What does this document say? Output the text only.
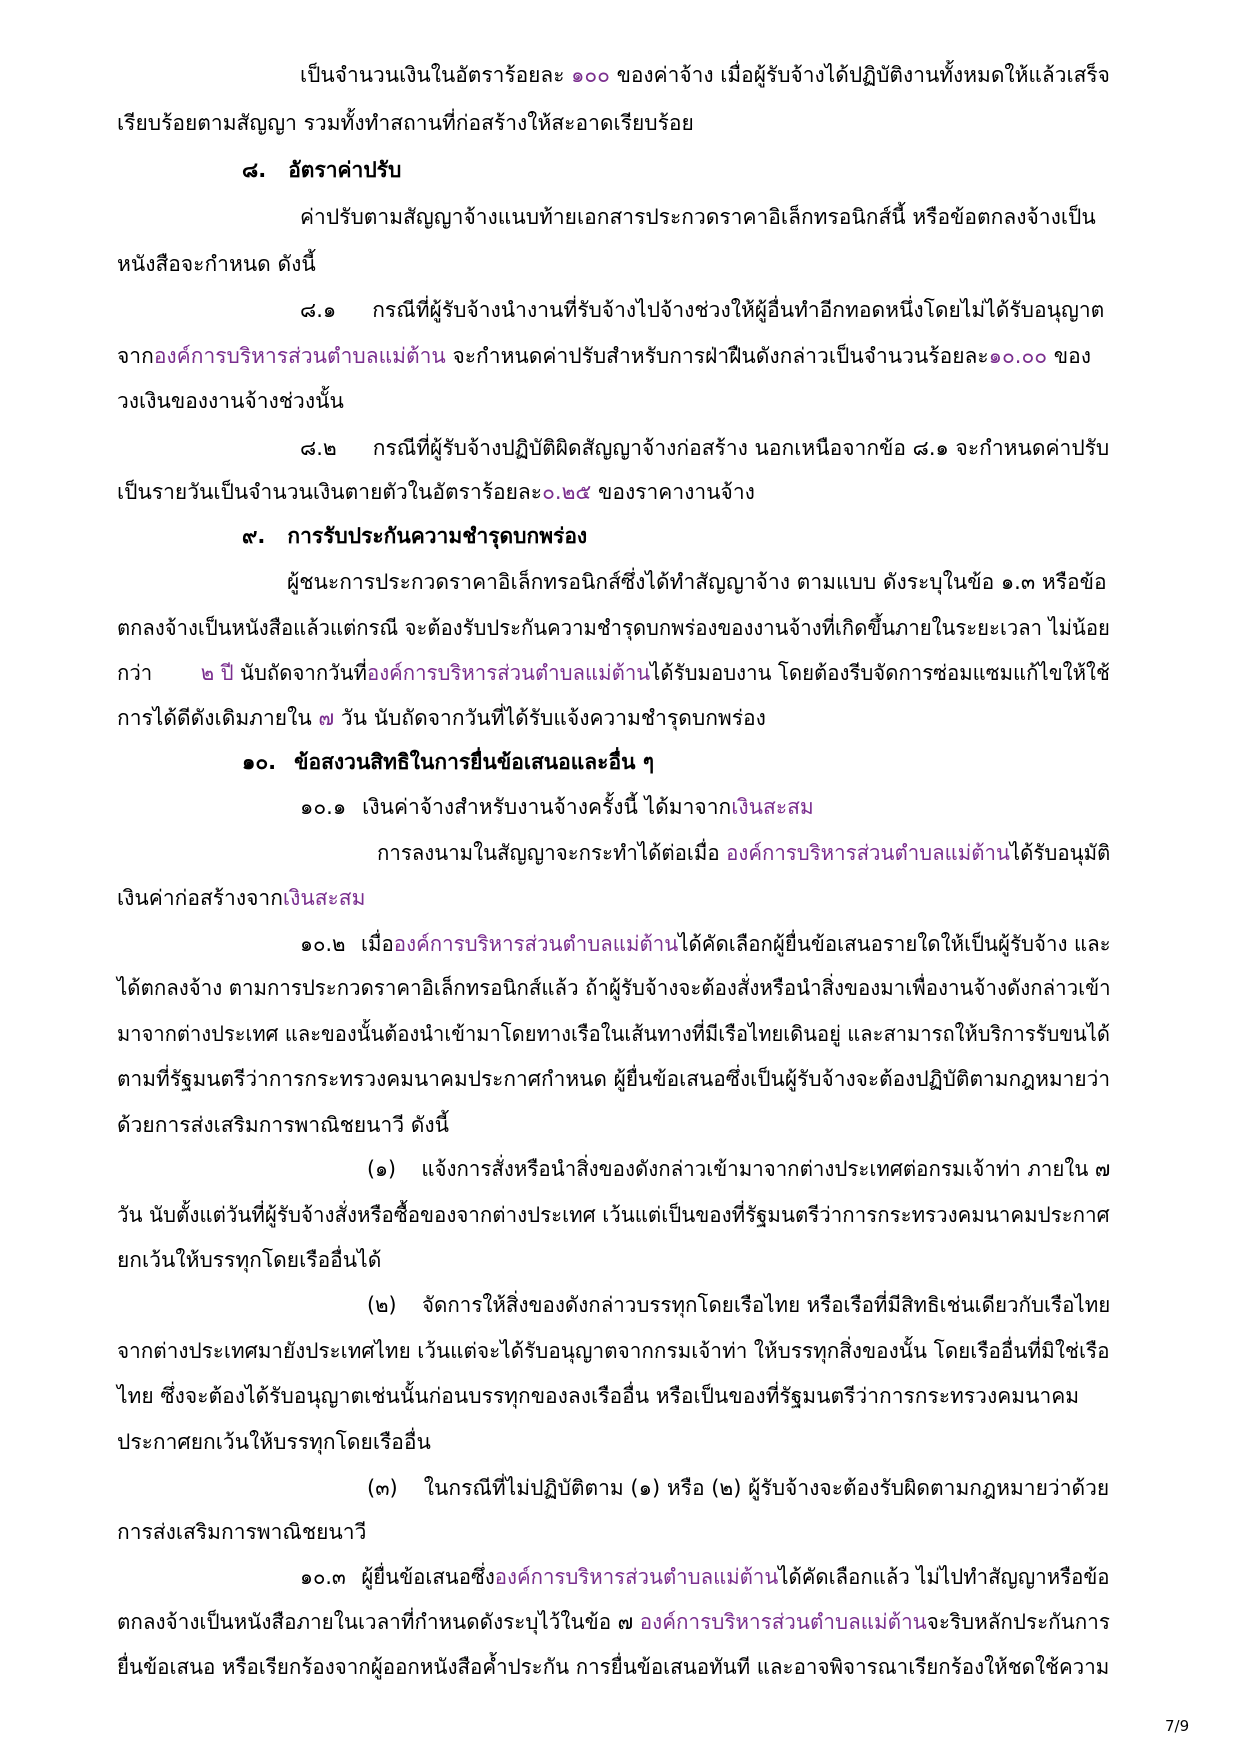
เป็นจำนวนเงินในอัตราร้อยละ ๑๐๐ ของค่าจ้าง เมื่อผู้รับจ้างได้ปฏิบัติงานทั้งหมดให้แล้วเสร็จ
เรียบร้อยตามสัญญา รวมทั้งทำสถานที่ก่อสร้างให้สะอาดเรียบร้อย
๘. อัตราค่าปรับ
ค่าปรับตามสัญญาจ้างแนบท้ายเอกสารประกวดราคาอิเล็กทรอนิกส์นี้ หรือข้อตกลงจ้างเป็น
หนังสือจะกำหนด ดังนี้
๘.๑ กรณีที่ผู้รับจ้างนำงานที่รับจ้างไปจ้างช่วงให้ผู้อื่นทำอีกทอดหนึ่งโดยไม่ได้รับอนุญาต
จากองค์การบริหารส่วนตำบลแม่ต้าน จะกำหนดค่าปรับสำหรับการฝ่าฝืนดังกล่าวเป็นจำนวนร้อยละ๑๐.๐๐ ของ
วงเงินของงานจ้างช่วงนั้น
๘.๒ กรณีที่ผู้รับจ้างปฏิบัติผิดสัญญาจ้างก่อสร้าง นอกเหนือจากข้อ ๘.๑ จะกำหนดค่าปรับ
เป็นรายวันเป็นจำนวนเงินตายตัวในอัตราร้อยละ๐.๒๕ ของราคางานจ้าง
๙. การรับประกันความชำรุดบกพร่อง
ผู้ชนะการประกวดราคาอิเล็กทรอนิกส์ซึ่งได้ทำสัญญาจ้าง ตามแบบ ดังระบุในข้อ ๑.๓ หรือข้อ
ตกลงจ้างเป็นหนังสือแล้วแต่กรณี จะต้องรับประกันความชำรุดบกพร่องของงานจ้างที่เกิดขึ้นภายในระยะเวลา ไม่น้อย
กว่า ๒ ปี นับถัดจากวันที่องค์การบริหารส่วนตำบลแม่ต้านได้รับมอบงาน โดยต้องรีบจัดการซ่อมแซมแก้ไขให้ใช้
การได้ดีดังเดิมภายใน ๗ วัน นับถัดจากวันที่ได้รับแจ้งความชำรุดบกพร่อง
๑๐. ข้อสงวนสิทธิในการยื่นข้อเสนอและอื่น ๆ
๑๐.๑ เงินค่าจ้างสำหรับงานจ้างครั้งนี้ ได้มาจากเงินสะสม
การลงนามในสัญญาจะกระทำได้ต่อเมื่อ องค์การบริหารส่วนตำบลแม่ต้านได้รับอนุมัติ
เงินค่าก่อสร้างจากเงินสะสม
๑๐.๒ เมื่อองค์การบริหารส่วนตำบลแม่ต้านได้คัดเลือกผู้ยื่นข้อเสนอรายใดให้เป็นผู้รับจ้าง และ
ได้ตกลงจ้าง ตามการประกวดราคาอิเล็กทรอนิกส์แล้ว ถ้าผู้รับจ้างจะต้องสั่งหรือนำสิ่งของมาเพื่องานจ้างดังกล่าวเข้า
มาจากต่างประเทศ และของนั้นต้องนำเข้ามาโดยทางเรือในเส้นทางที่มีเรือไทยเดินอยู่ และสามารถให้บริการรับขนได้
ตามที่รัฐมนตรีว่าการกระทรวงคมนาคมประกาศกำหนด ผู้ยื่นข้อเสนอซึ่งเป็นผู้รับจ้างจะต้องปฏิบัติตามกฎหมายว่า
ด้วยการส่งเสริมการพาณิชยนาวี ดังนี้
(๑) แจ้งการสั่งหรือนำสิ่งของดังกล่าวเข้ามาจากต่างประเทศต่อกรมเจ้าท่า ภายใน ๗
วัน นับตั้งแต่วันที่ผู้รับจ้างสั่งหรือซื้อของจากต่างประเทศ เว้นแต่เป็นของที่รัฐมนตรีว่าการกระทรวงคมนาคมประกาศ
ยกเว้นให้บรรทุกโดยเรืออื่นได้
(๒) จัดการให้สิ่งของดังกล่าวบรรทุกโดยเรือไทย หรือเรือที่มีสิทธิเช่นเดียวกับเรือไทย
จากต่างประเทศมายังประเทศไทย เว้นแต่จะได้รับอนุญาตจากกรมเจ้าท่า ให้บรรทุกสิ่งของนั้น โดยเรืออื่นที่มิใช่เรือ
ไทย ซึ่งจะต้องได้รับอนุญาตเช่นนั้นก่อนบรรทุกของลงเรืออื่น หรือเป็นของที่รัฐมนตรีว่าการกระทรวงคมนาคม
ประกาศยกเว้นให้บรรทุกโดยเรืออื่น
(๓) ในกรณีที่ไม่ปฏิบัติตาม (๑) หรือ (๒) ผู้รับจ้างจะต้องรับผิดตามกฎหมายว่าด้วย
การส่งเสริมการพาณิชยนาวี
๑๐.๓ ผู้ยื่นข้อเสนอซึ่งองค์การบริหารส่วนตำบลแม่ต้านได้คัดเลือกแล้ว ไม่ไปทำสัญญาหรือข้อ
ตกลงจ้างเป็นหนังสือภายในเวลาที่กำหนดดังระบุไว้ในข้อ ๗ องค์การบริหารส่วนตำบลแม่ต้านจะริบหลักประกันการ
ยื่นข้อเสนอ หรือเรียกร้องจากผู้ออกหนังสือค้ำประกัน การยื่นข้อเสนอทันที และอาจพิจารณาเรียกร้องให้ชดใช้ความ
7/9
